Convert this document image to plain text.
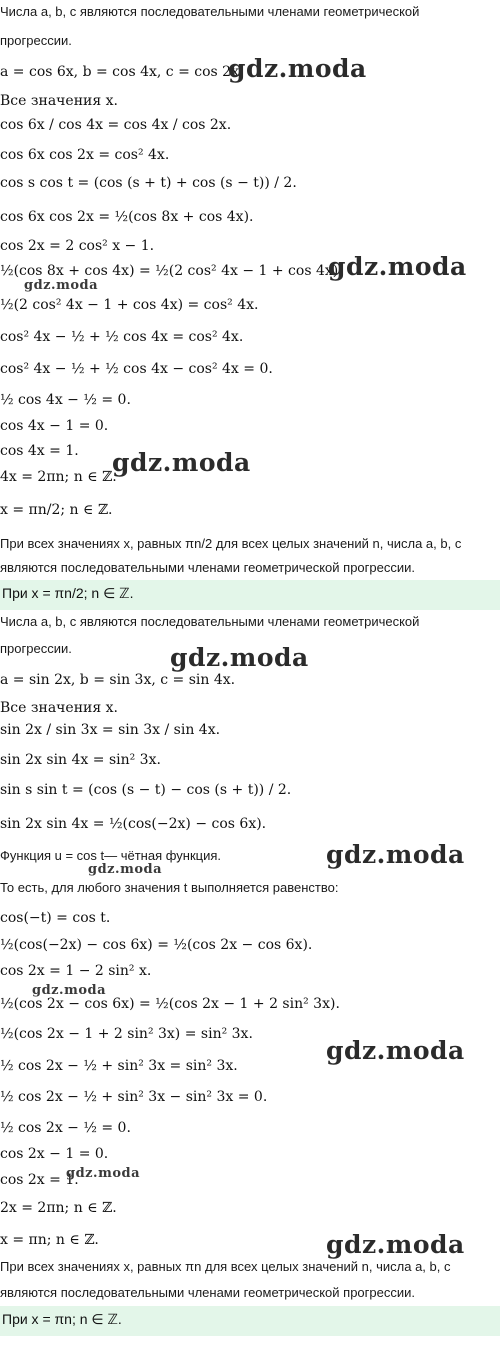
Числа a, b, c являются последовательными членами геометрической
прогрессии.
a = cos 6x, b = cos 4x, c = cos 2x.
Все значения x.
cos 6x / cos 4x = cos 4x / cos 2x.
cos 6x cos 2x = cos² 4x.
cos s cos t = (cos (s + t) + cos (s − t)) / 2.
cos 6x cos 2x = ½(cos 8x + cos 4x).
cos 2x = 2 cos² x − 1.
½(cos 8x + cos 4x) = ½(2 cos² 4x − 1 + cos 4x).
½(2 cos² 4x − 1 + cos 4x) = cos² 4x.
cos² 4x − ½ + ½ cos 4x = cos² 4x.
cos² 4x − ½ + ½ cos 4x − cos² 4x = 0.
½ cos 4x − ½ = 0.
cos 4x − 1 = 0.
cos 4x = 1.
4x = 2πn; n ∈ ℤ.
x = πn/2; n ∈ ℤ.
При всех значениях x, равных πn/2 для всех целых значений n, числа a, b, c
являются последовательными членами геометрической прогрессии.
При x = πn/2; n ∈ ℤ.
Числа a, b, c являются последовательными членами геометрической
прогрессии.
a = sin 2x, b = sin 3x, c = sin 4x.
Все значения x.
sin 2x / sin 3x = sin 3x / sin 4x.
sin 2x sin 4x = sin² 3x.
sin s sin t = (cos (s − t) − cos (s + t)) / 2.
sin 2x sin 4x = ½(cos(−2x) − cos 6x).
Функция u = cos t— чётная функция.
То есть, для любого значения t выполняется равенство:
cos(−t) = cos t.
½(cos(−2x) − cos 6x) = ½(cos 2x − cos 6x).
cos 2x = 1 − 2 sin² x.
½(cos 2x − cos 6x) = ½(cos 2x − 1 + 2 sin² 3x).
½(cos 2x − 1 + 2 sin² 3x) = sin² 3x.
½ cos 2x − ½ + sin² 3x = sin² 3x.
½ cos 2x − ½ + sin² 3x − sin² 3x = 0.
½ cos 2x − ½ = 0.
cos 2x − 1 = 0.
cos 2x = 1.
2x = 2πn; n ∈ ℤ.
x = πn; n ∈ ℤ.
При всех значениях x, равных πn для всех целых значений n, числа a, b, c
являются последовательными членами геометрической прогрессии.
При x = πn; n ∈ ℤ.
gdz.moda
gdz.moda
gdz.moda
gdz.moda
gdz.moda
gdz.moda
gdz.moda
gdz.moda
gdz.moda
gdz.moda
gdz.moda
